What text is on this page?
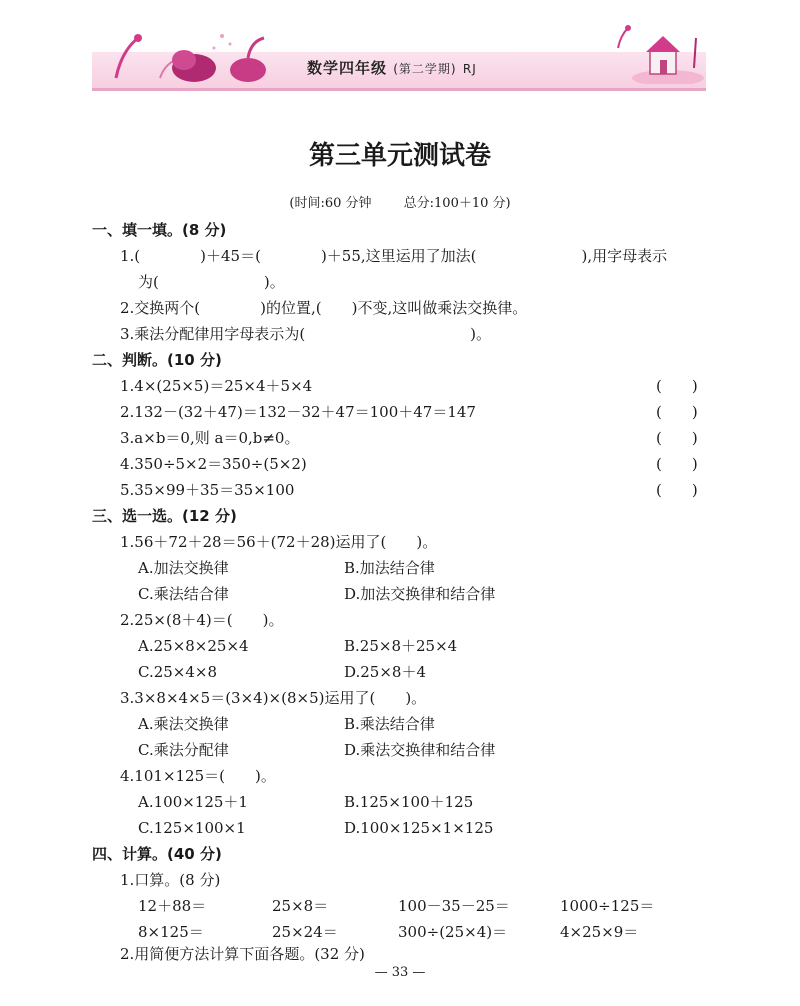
数学四年级 (第二学期) RJ
第三单元测试卷
(时间:60 分钟 总分:100＋10 分)
一、填一填。(8 分)
1.(　　　　)＋45＝(　　　　)＋55,这里运用了加法(　　　　　　　),用字母表示
为(　　　　　　　)。
2.交换两个(　　　　)的位置,(　　)不变,这叫做乘法交换律。
3.乘法分配律用字母表示为(　　　　　　　　　　　)。
二、判断。(10 分)
1.4×(25×5)＝25×4＋5×4	(　　)
2.132－(32＋47)＝132－32＋47＝100＋47＝147	(　　)
3.a×b＝0,则 a＝0,b≠0。	(　　)
4.350÷5×2＝350÷(5×2)	(　　)
5.35×99＋35＝35×100	(　　)
三、选一选。(12 分)
1.56＋72＋28＝56＋(72＋28)运用了(　　)。
A.加法交换律	B.加法结合律
C.乘法结合律	D.加法交换律和结合律
2.25×(8＋4)＝(　　)。
A.25×8×25×4	B.25×8＋25×4
C.25×4×8	D.25×8＋4
3.3×8×4×5＝(3×4)×(8×5)运用了(　　)。
A.乘法交换律	B.乘法结合律
C.乘法分配律	D.乘法交换律和结合律
4.101×125＝(　　)。
A.100×125＋1	B.125×100＋125
C.125×100×1	D.100×125×1×125
四、计算。(40 分)
1.口算。(8 分)
12＋88＝	25×8＝	100－35－25＝	1000÷125＝
8×125＝	25×24＝	300÷(25×4)＝	4×25×9＝
2.用简便方法计算下面各题。(32 分)
— 33 —
